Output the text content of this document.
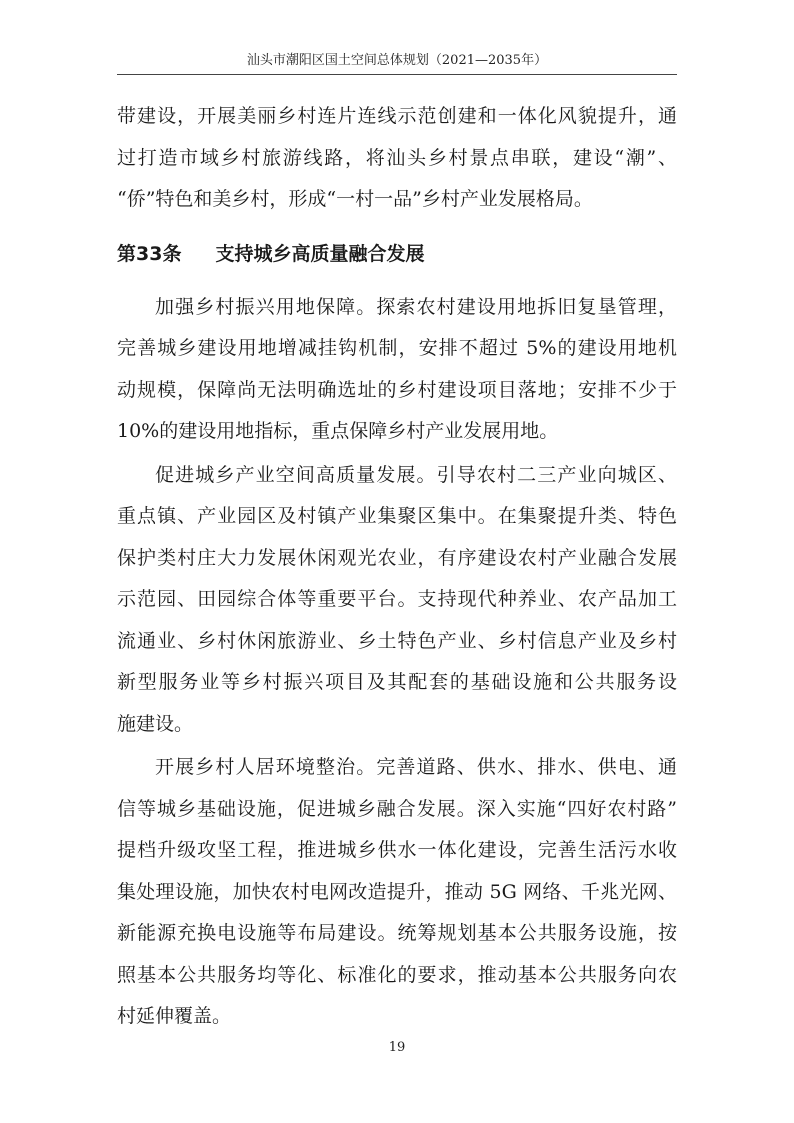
汕头市潮阳区国土空间总体规划（2021—2035年）
带建设，开展美丽乡村连片连线示范创建和一体化风貌提升，通
过打造市域乡村旅游线路，将汕头乡村景点串联，建设“潮”、
“侨”特色和美乡村，形成“一村一品”乡村产业发展格局。
第33条 支持城乡高质量融合发展
加强乡村振兴用地保障。探索农村建设用地拆旧复垦管理，
完善城乡建设用地增减挂钩机制，安排不超过 5%的建设用地机
动规模，保障尚无法明确选址的乡村建设项目落地；安排不少于
10%的建设用地指标，重点保障乡村产业发展用地。
促进城乡产业空间高质量发展。引导农村二三产业向城区、
重点镇、产业园区及村镇产业集聚区集中。在集聚提升类、特色
保护类村庄大力发展休闲观光农业，有序建设农村产业融合发展
示范园、田园综合体等重要平台。支持现代种养业、农产品加工
流通业、乡村休闲旅游业、乡土特色产业、乡村信息产业及乡村
新型服务业等乡村振兴项目及其配套的基础设施和公共服务设
施建设。
开展乡村人居环境整治。完善道路、供水、排水、供电、通
信等城乡基础设施，促进城乡融合发展。深入实施“四好农村路”
提档升级攻坚工程，推进城乡供水一体化建设，完善生活污水收
集处理设施，加快农村电网改造提升，推动 5G 网络、千兆光网、
新能源充换电设施等布局建设。统筹规划基本公共服务设施，按
照基本公共服务均等化、标准化的要求，推动基本公共服务向农
村延伸覆盖。
19
